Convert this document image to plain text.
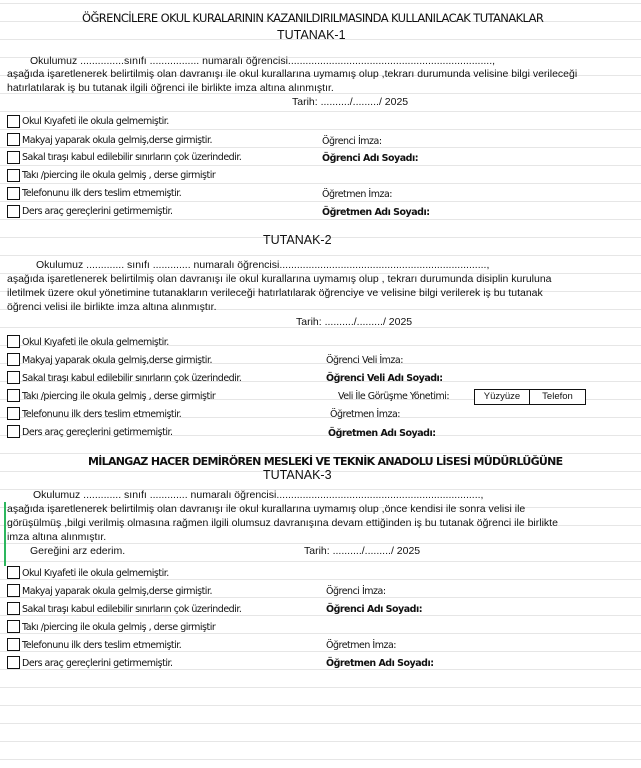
ÖĞRENCİLERE OKUL KURALARININ KAZANILDIRILMASINDA KULLANILACAK TUTANAKLAR
TUTANAK-1
Okulumuz ...............sınıfı ................. numaralı öğrencisi......................................................................,
aşağıda işaretlenerek belirtilmiş olan davranışı ile okul kurallarına uymamış olup ,tekrarı durumunda velisine bilgi verileceği
hatırlatılarak iş bu tutanak ilgili öğrenci ile birlikte imza altına alınmıştır.
Tarih: ........../........./ 2025
Okul Kıyafeti ile okula gelmemiştir.
Makyaj yaparak okula gelmiş,derse girmiştir.
Sakal tıraşı kabul edilebilir sınırların çok üzerindedir.
Takı /piercing ile okula gelmiş , derse girmiştir
Telefonunu ilk ders teslim etmemiştir.
Ders araç gereçlerini getirmemiştir.
Öğrenci İmza:
Öğrenci Adı Soyadı:
Öğretmen İmza:
Öğretmen Adı Soyadı:
TUTANAK-2
Okulumuz ............. sınıfı ............. numaralı öğrencisi.......................................................................,
aşağıda işaretlenerek belirtilmiş olan davranışı ile okul kurallarına uymamış olup , tekrarı durumunda disiplin kuruluna
iletilmek üzere okul yönetimine tutanakların verileceği hatırlatılarak öğrenciye ve velisine bilgi verilerek iş bu tutanak
öğrenci velisi ile birlikte imza altına alınmıştır.
Tarih: ........../........./ 2025
Okul Kıyafeti ile okula gelmemiştir.
Makyaj yaparak okula gelmiş,derse girmiştir.
Sakal tıraşı kabul edilebilir sınırların çok üzerindedir.
Takı /piercing ile okula gelmiş , derse girmiştir
Telefonunu ilk ders teslim etmemiştir.
Ders araç gereçlerini getirmemiştir.
Öğrenci Veli İmza:
Öğrenci Veli Adı Soyadı:
Veli İle Görüşme Yönetimi:	Yüzyüze	Telefon
Öğretmen İmza:
Öğretmen Adı Soyadı:
MİLANGAZ HACER DEMİRÖREN MESLEKİ VE TEKNİK ANADOLU LİSESİ MÜDÜRLÜĞÜNE
TUTANAK-3
Okulumuz ............. sınıfı ............. numaralı öğrencisi......................................................................,
aşağıda işaretlenerek belirtilmiş olan davranışı ile okul kurallarına uymamış olup ,önce kendisi ile sonra velisi ile
görüşülmüş ,bilgi verilmiş olmasına rağmen ilgili olumsuz davranışına devam ettiğinden iş bu tutanak öğrenci ile birlikte
imza altına alınmıştır.
Gereğini arz ederim.	Tarih: ........../........./ 2025
Okul Kıyafeti ile okula gelmemiştir.
Makyaj yaparak okula gelmiş,derse girmiştir.
Sakal tıraşı kabul edilebilir sınırların çok üzerindedir.
Takı /piercing ile okula gelmiş , derse girmiştir
Telefonunu ilk ders teslim etmemiştir.
Ders araç gereçlerini getirmemiştir.
Öğrenci İmza:
Öğrenci Adı Soyadı:
Öğretmen İmza:
Öğretmen Adı Soyadı:
